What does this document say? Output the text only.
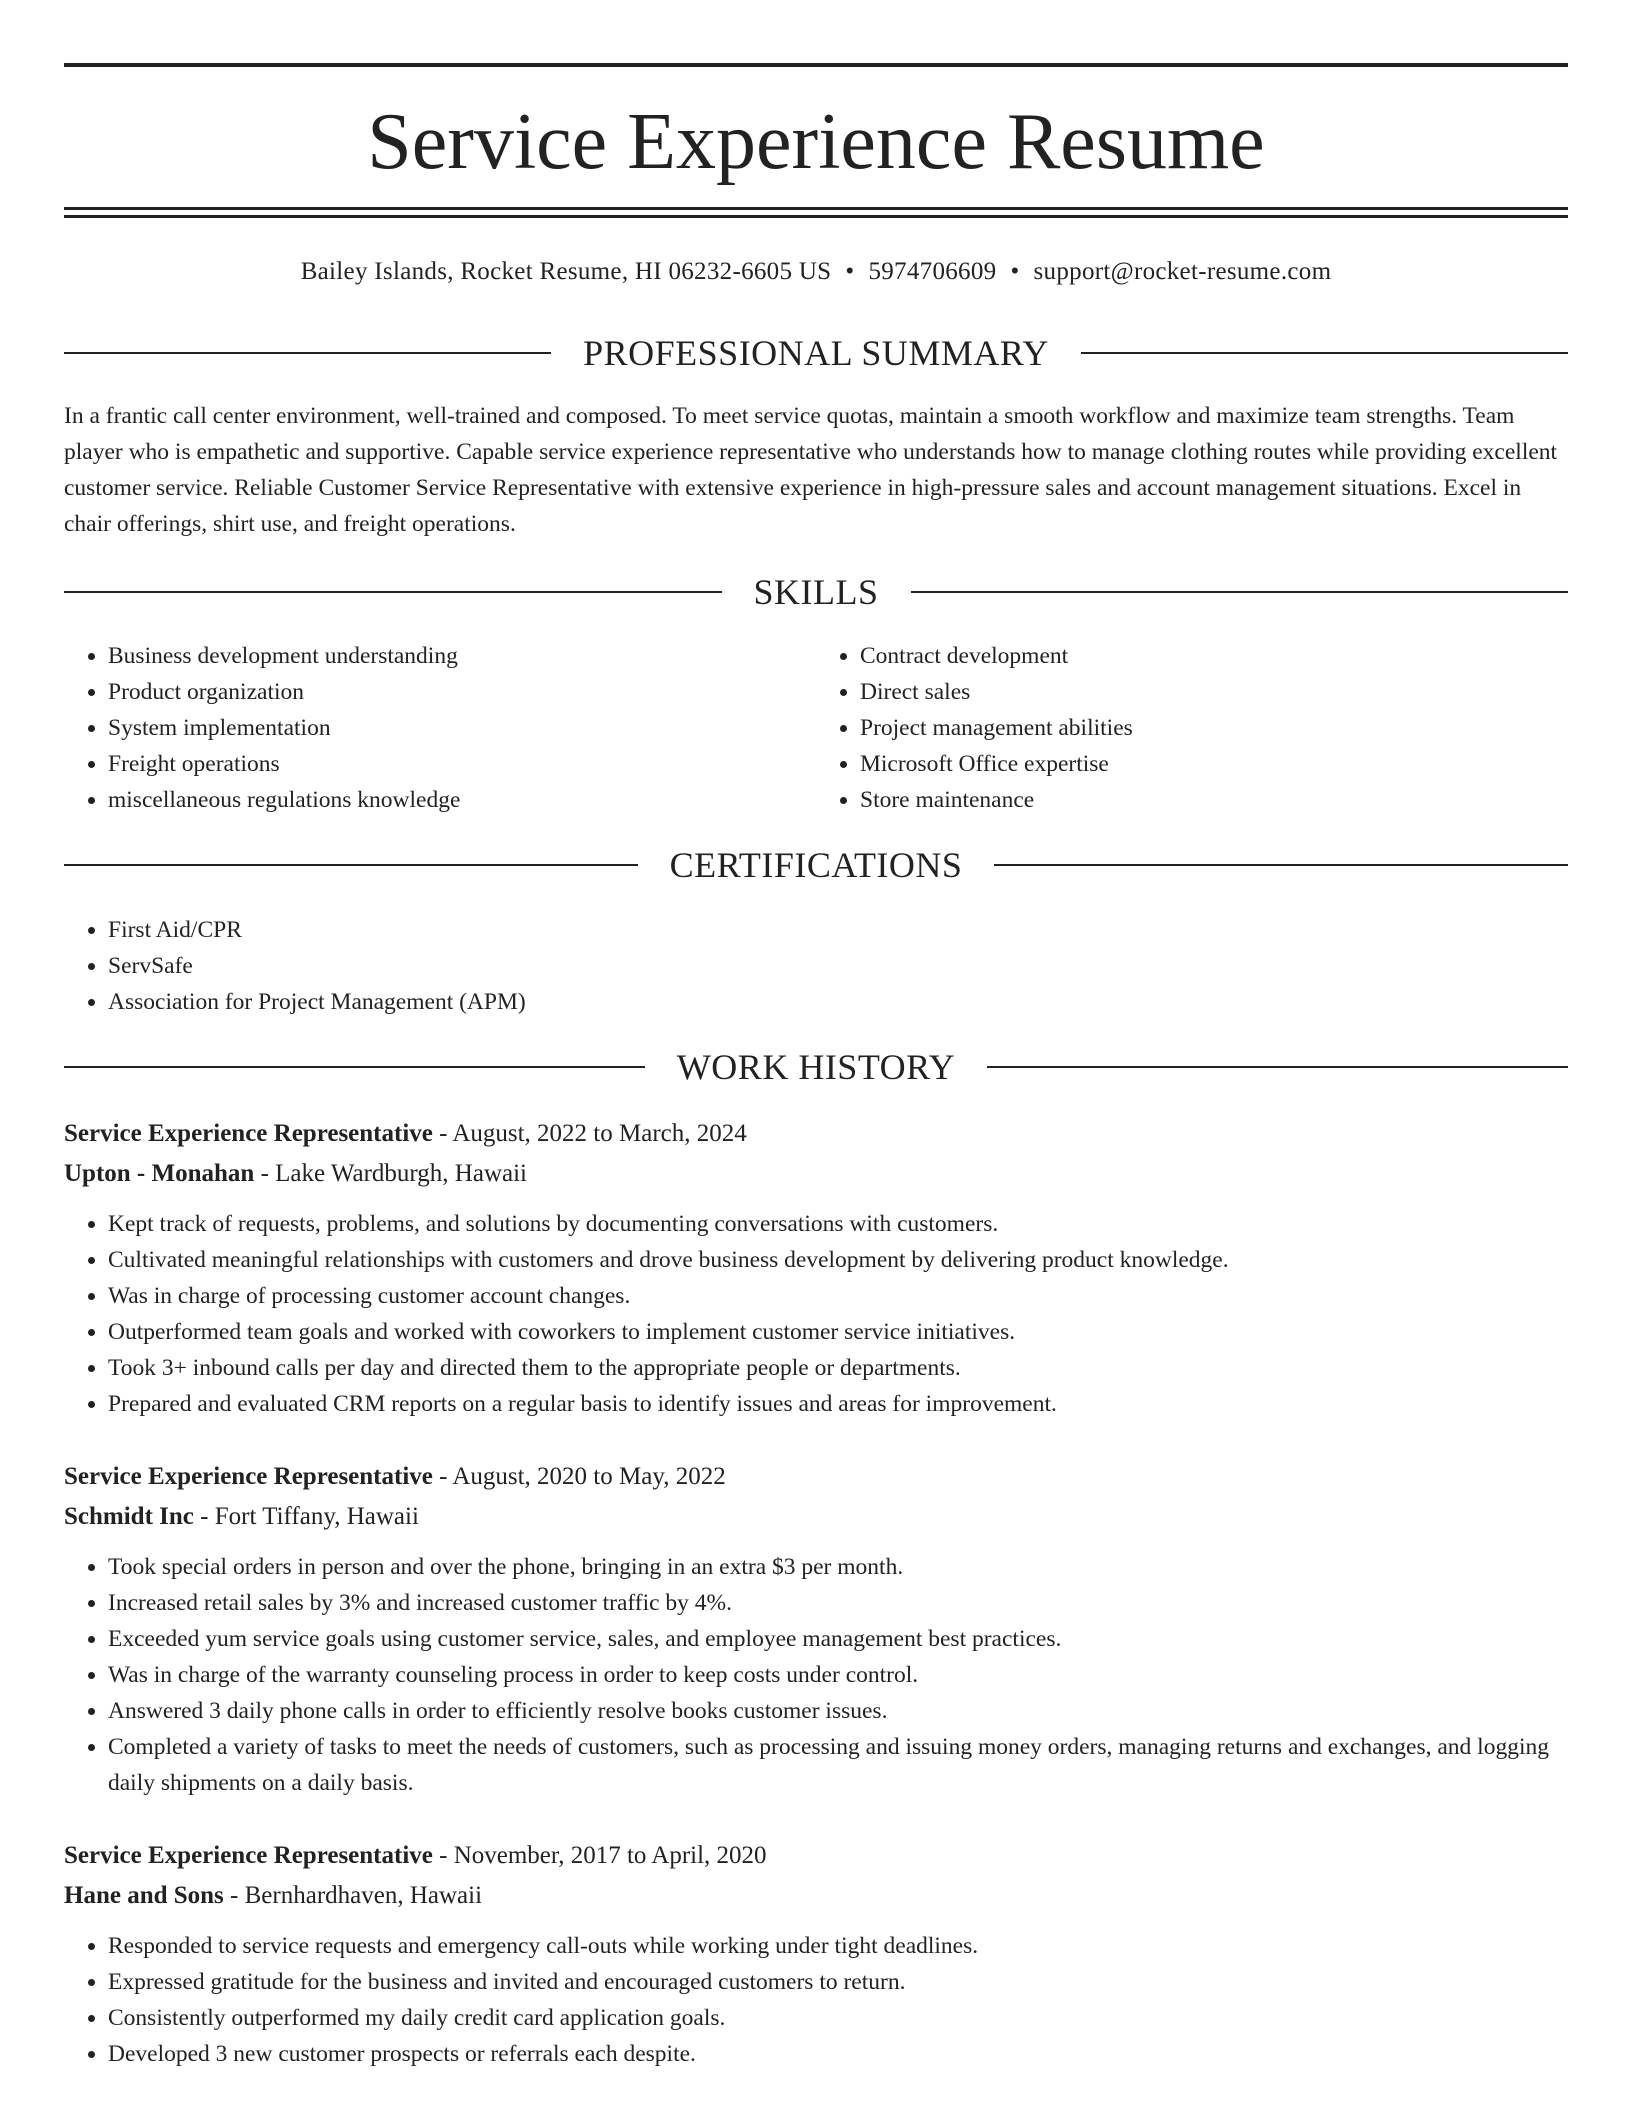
Service Experience Resume
Bailey Islands, Rocket Resume, HI 06232-6605 US • 5974706609 • support@rocket-resume.com
PROFESSIONAL SUMMARY

In a frantic call center environment, well-trained and composed. To meet service quotas, maintain a smooth workflow and maximize team strengths. Team player who is empathetic and supportive. Capable service experience representative who understands how to manage clothing routes while providing excellent customer service. Reliable Customer Service Representative with extensive experience in high-pressure sales and account management situations. Excel in chair offerings, shirt use, and freight operations.

SKILLS
• Business development understanding
• Product organization
• System implementation
• Freight operations
• miscellaneous regulations knowledge
• Contract development
• Direct sales
• Project management abilities
• Microsoft Office expertise
• Store maintenance
CERTIFICATIONS
• First Aid/CPR
• ServSafe
• Association for Project Management (APM)
WORK HISTORY

Service Experience Representative - August, 2022 to March, 2024

Upton - Monahan - Lake Wardburgh, Hawaii

• Kept track of requests, problems, and solutions by documenting conversations with customers.
• Cultivated meaningful relationships with customers and drove business development by delivering product knowledge.
• Was in charge of processing customer account changes.
• Outperformed team goals and worked with coworkers to implement customer service initiatives.
• Took 3+ inbound calls per day and directed them to the appropriate people or departments.
• Prepared and evaluated CRM reports on a regular basis to identify issues and areas for improvement.

Service Experience Representative - August, 2020 to May, 2022

Schmidt Inc - Fort Tiffany, Hawaii

• Took special orders in person and over the phone, bringing in an extra $3 per month.
• Increased retail sales by 3% and increased customer traffic by 4%.
• Exceeded yum service goals using customer service, sales, and employee management best practices.
• Was in charge of the warranty counseling process in order to keep costs under control.
• Answered 3 daily phone calls in order to efficiently resolve books customer issues.
• Completed a variety of tasks to meet the needs of customers, such as processing and issuing money orders, managing returns and exchanges, and logging daily shipments on a daily basis.

Service Experience Representative - November, 2017 to April, 2020

Hane and Sons - Bernhardhaven, Hawaii

• Responded to service requests and emergency call-outs while working under tight deadlines.
• Expressed gratitude for the business and invited and encouraged customers to return.
• Consistently outperformed my daily credit card application goals.
• Developed 3 new customer prospects or referrals each despite.
